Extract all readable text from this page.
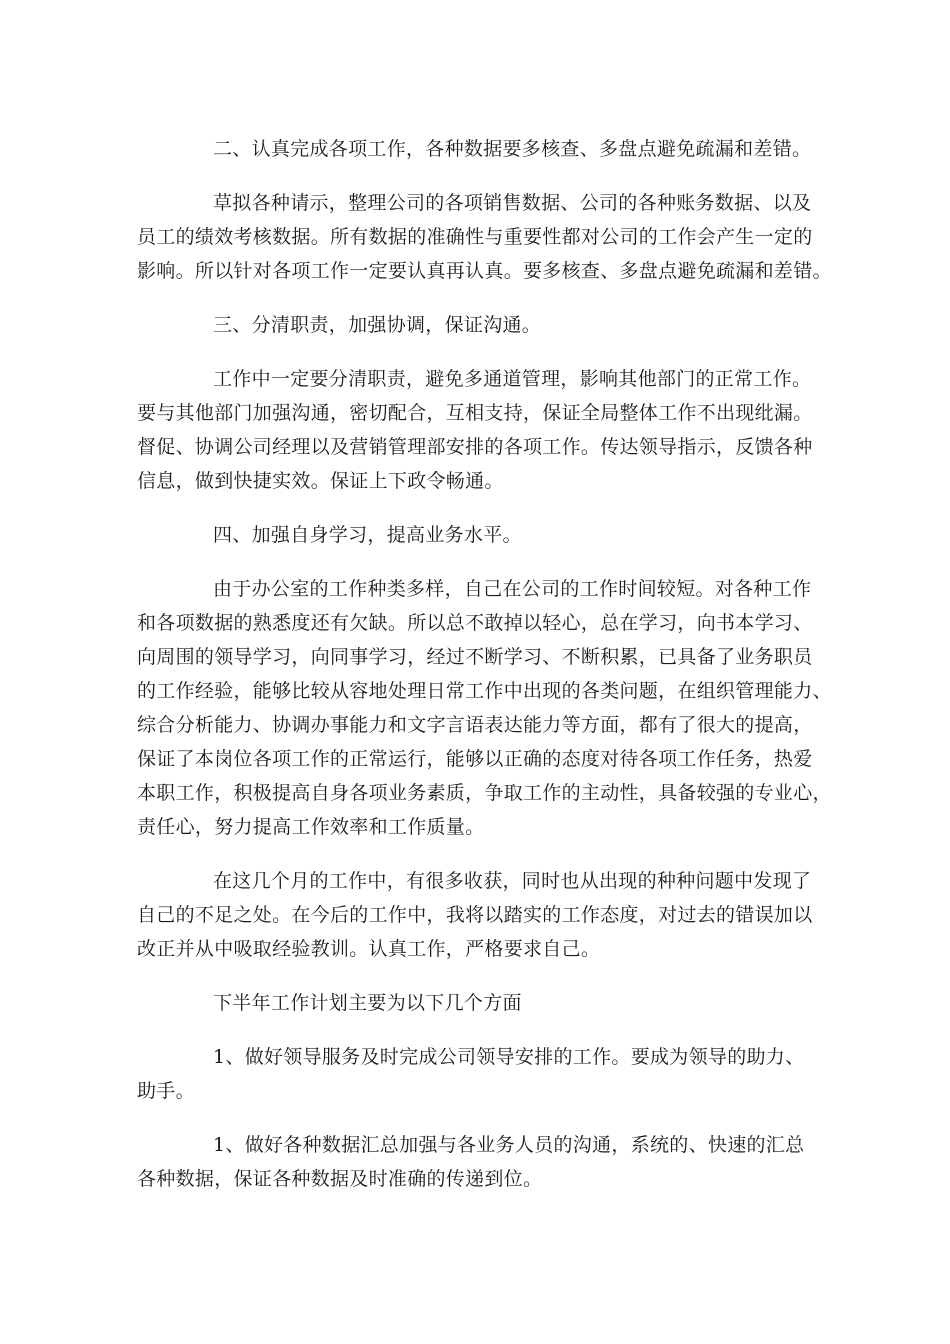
二、认真完成各项工作，各种数据要多核查、多盘点避免疏漏和差错。
草拟各种请示，整理公司的各项销售数据、公司的各种账务数据、以及
员工的绩效考核数据。所有数据的准确性与重要性都对公司的工作会产生一定的
影响。所以针对各项工作一定要认真再认真。要多核查、多盘点避免疏漏和差错。
三、分清职责，加强协调，保证沟通。
工作中一定要分清职责，避免多通道管理，影响其他部门的正常工作。
要与其他部门加强沟通，密切配合，互相支持，保证全局整体工作不出现纰漏。
督促、协调公司经理以及营销管理部安排的各项工作。传达领导指示，反馈各种
信息，做到快捷实效。保证上下政令畅通。
四、加强自身学习，提高业务水平。
由于办公室的工作种类多样，自己在公司的工作时间较短。对各种工作
和各项数据的熟悉度还有欠缺。所以总不敢掉以轻心，总在学习，向书本学习、
向周围的领导学习，向同事学习，经过不断学习、不断积累，已具备了业务职员
的工作经验，能够比较从容地处理日常工作中出现的各类问题，在组织管理能力、
综合分析能力、协调办事能力和文字言语表达能力等方面，都有了很大的提高，
保证了本岗位各项工作的正常运行，能够以正确的态度对待各项工作任务，热爱
本职工作，积极提高自身各项业务素质，争取工作的主动性，具备较强的专业心，
责任心，努力提高工作效率和工作质量。
在这几个月的工作中，有很多收获，同时也从出现的种种问题中发现了
自己的不足之处。在今后的工作中，我将以踏实的工作态度，对过去的错误加以
改正并从中吸取经验教训。认真工作，严格要求自己。
下半年工作计划主要为以下几个方面
1、做好领导服务及时完成公司领导安排的工作。要成为领导的助力、
助手。
1、做好各种数据汇总加强与各业务人员的沟通，系统的、快速的汇总
各种数据，保证各种数据及时准确的传递到位。
